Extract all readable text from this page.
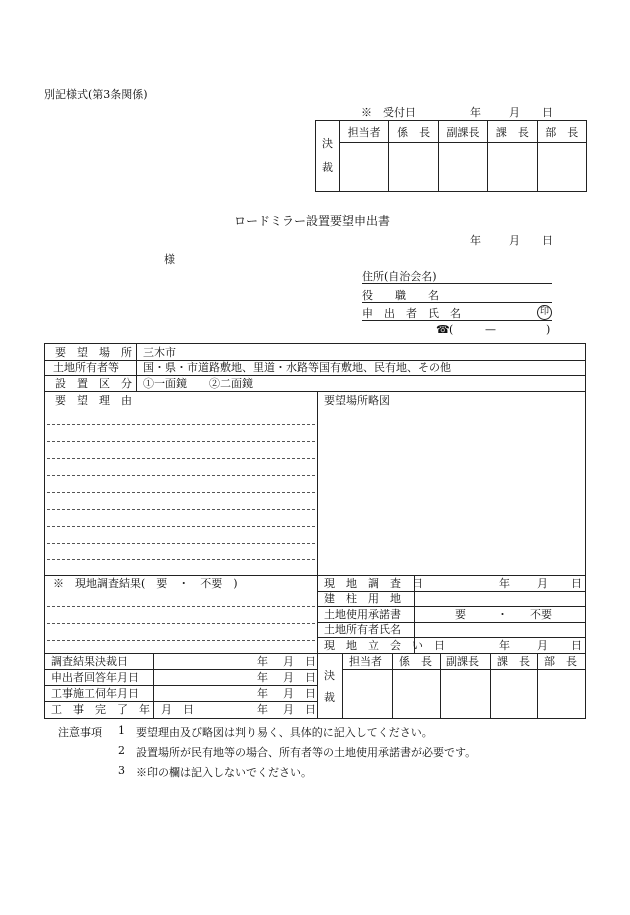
別記様式(第3条関係)
※　受付日	年	月 日
決
裁	担当者	係　長	副課長	課　長	部　長

ロードミラー設置要望申出書
年	月 日
様
住所(自治会名)
役　　職　　名
申　出　者　氏　名	印
☎ (	—	)
要　望　場　所 三木市
土地所有者等 国・県・市道路敷地、里道・水路等国有敷地、民有地、その他
設　置　区　分 ①一面鏡　　②二面鏡
要　望　理　由	要望場所略図
※　現地調査結果(　要　・　不要　)	現　地　調　査　日	年 月 日
建　柱　用　地
土地使用承諾書	要	・ 不要
土地所有者氏名
現　地　立　会　い　日	年 月 日
調査結果決裁日	年 月 日
申出者回答年月日	年 月 日
工事施工伺年月日	年 月 日
工　事　完　了　年　月　日	年 月 日
決
裁
担当者 係　長 副課長 課　長 部　長
注意事項 1 要望理由及び略図は判り易く、具体的に記入してください。
2 設置場所が民有地等の場合、所有者等の土地使用承諾書が必要です。
3 ※印の欄は記入しないでください。
